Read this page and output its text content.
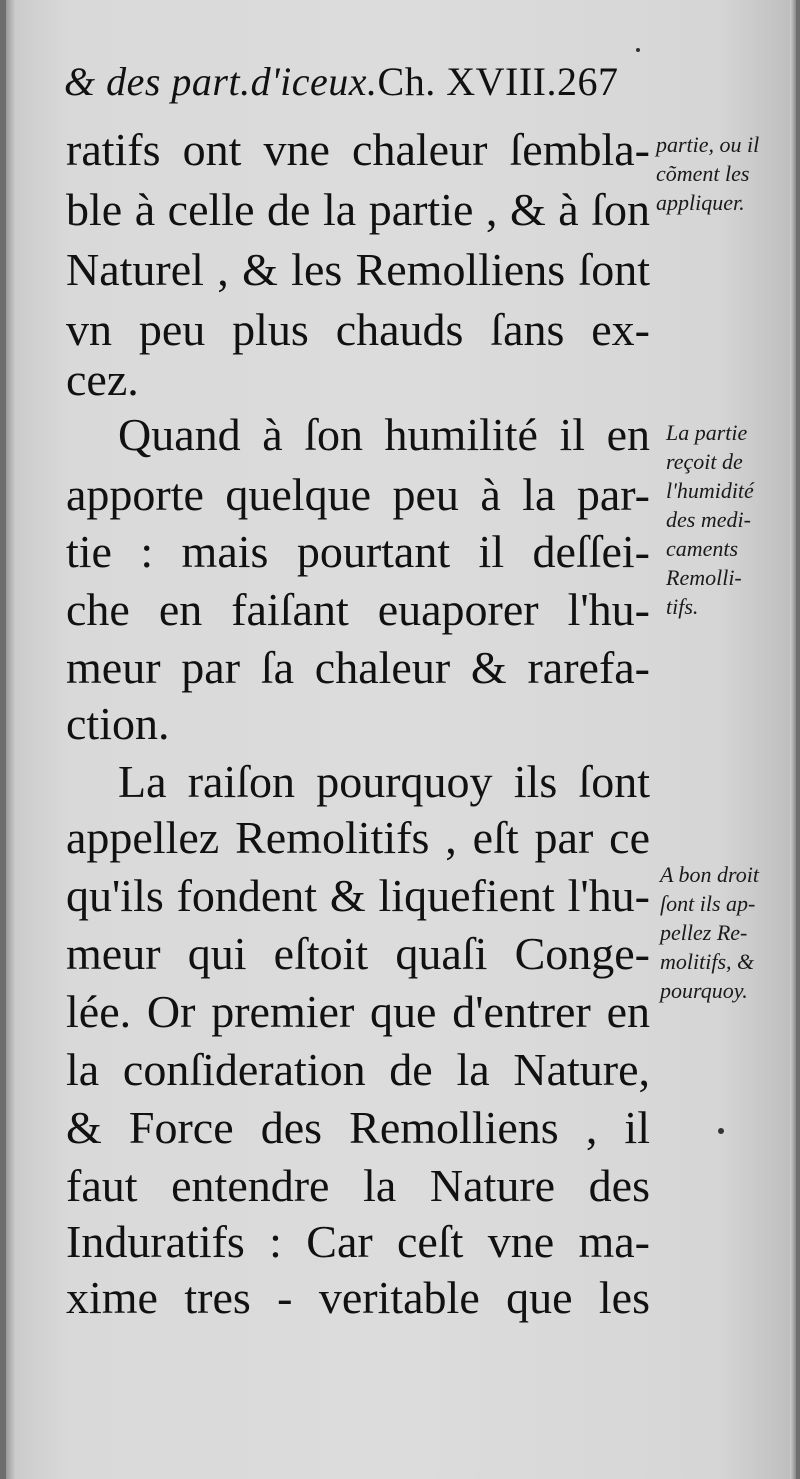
& des part.d'iceux.Ch. XVIII.267
ratifs ont vne chaleur ſembla-
ble à celle de la partie , & à ſon
Naturel , & les Remolliens ſont
vn peu plus chauds ſans ex-
cez.
Quand à ſon humilité il en
apporte quelque peu à la par-
tie : mais pourtant il deſſei-
che en faiſant euaporer l'hu-
meur par ſa chaleur & rarefa-
ction.
La raiſon pourquoy ils ſont
appellez Remolitifs , eſt par ce
qu'ils fondent & liquefient l'hu-
meur qui eſtoit quaſi Conge-
lée. Or premier que d'entrer en
la conſideration de la Nature,
& Force des Remolliens , il
faut entendre la Nature des
Induratifs : Car ceſt vne ma-
xime tres - veritable que les
partie, ou il
cõment les
appliquer.
La partie
reçoit de
l'humidité
des medi-
caments
Remolli-
tifs.
A bon droit
ſont ils ap-
pellez Re-
molitifs, &
pourquoy.
